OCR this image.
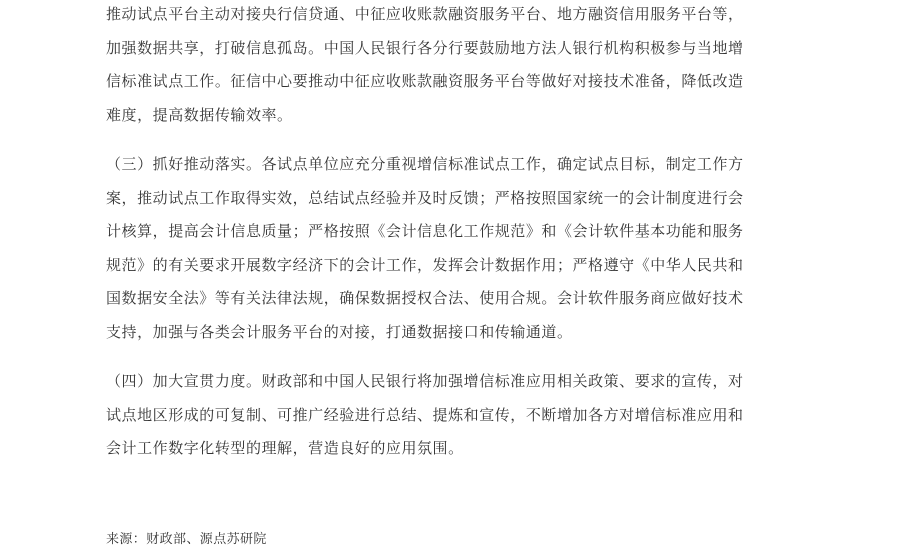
推动试点平台主动对接央行信贷通、中征应收账款融资服务平台、地方融资信用服务平台等，
加强数据共享，打破信息孤岛。中国人民银行各分行要鼓励地方法人银行机构积极参与当地增
信标准试点工作。征信中心要推动中征应收账款融资服务平台等做好对接技术准备，降低改造
难度，提高数据传输效率。

（三）抓好推动落实。各试点单位应充分重视增信标准试点工作，确定试点目标，制定工作方
案，推动试点工作取得实效，总结试点经验并及时反馈；严格按照国家统一的会计制度进行会
计核算，提高会计信息质量；严格按照《会计信息化工作规范》和《会计软件基本功能和服务
规范》的有关要求开展数字经济下的会计工作，发挥会计数据作用；严格遵守《中华人民共和
国数据安全法》等有关法律法规，确保数据授权合法、使用合规。会计软件服务商应做好技术
支持，加强与各类会计服务平台的对接，打通数据接口和传输通道。

（四）加大宣贯力度。财政部和中国人民银行将加强增信标准应用相关政策、要求的宣传，对
试点地区形成的可复制、可推广经验进行总结、提炼和宣传，不断增加各方对增信标准应用和
会计工作数字化转型的理解，营造良好的应用氛围。

来源：财政部、源点苏研院
